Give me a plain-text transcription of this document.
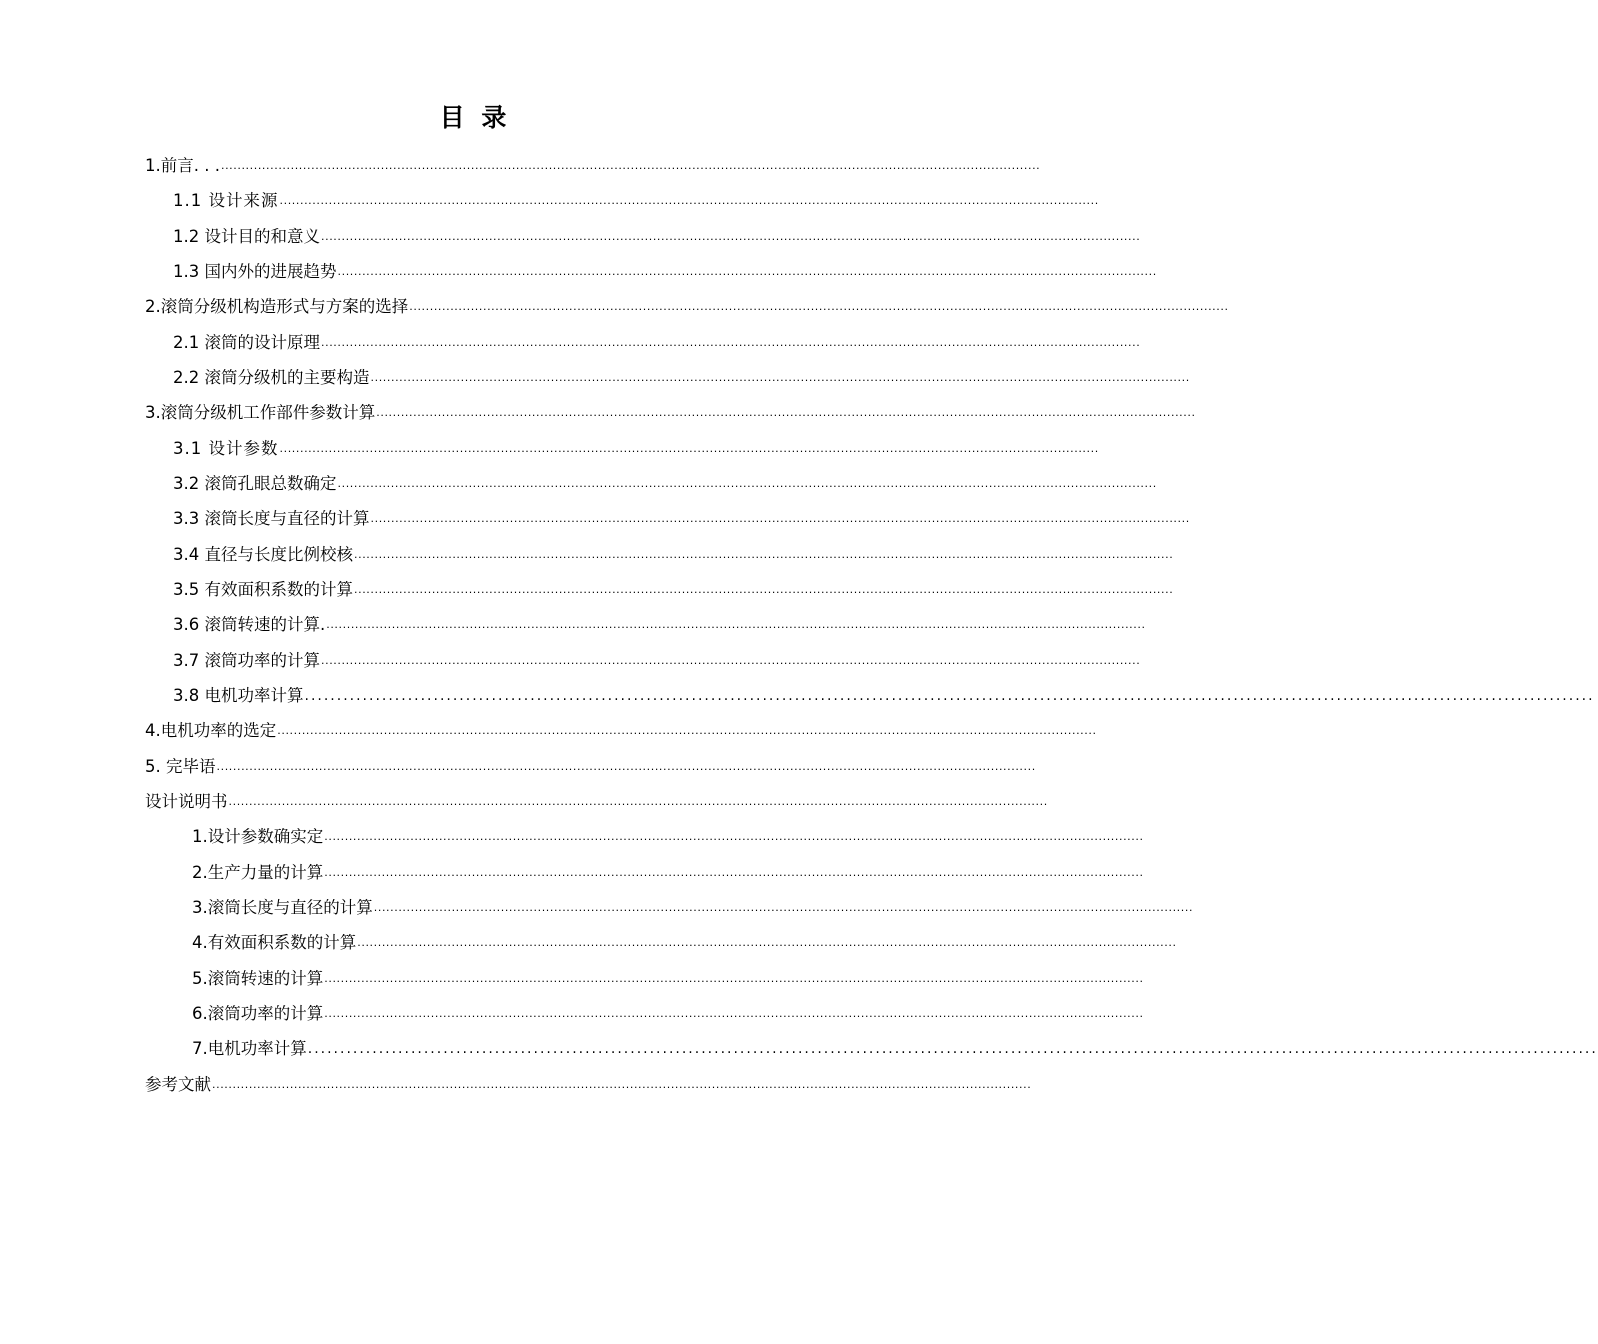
目 录
1.前言. . . ........................................................................................................................................................................................................
1.1 设计来源 ........................................................................................................................................................................................................
1.2 设计目的和意义 ........................................................................................................................................................................................................
1.3 国内外的进展趋势 ........................................................................................................................................................................................................
2.滚筒分级机构造形式与方案的选择 ........................................................................................................................................................................................................
2.1 滚筒的设计原理 ........................................................................................................................................................................................................
2.2 滚筒分级机的主要构造 ........................................................................................................................................................................................................
3.滚筒分级机工作部件参数计算 ........................................................................................................................................................................................................
3.1 设计参数 ........................................................................................................................................................................................................
3.2 滚筒孔眼总数确定 ........................................................................................................................................................................................................
3.3 滚筒长度与直径的计算 ........................................................................................................................................................................................................
3.4 直径与长度比例校核 ........................................................................................................................................................................................................
3.5 有效面积系数的计算 ........................................................................................................................................................................................................
3.6 滚筒转速的计算. ........................................................................................................................................................................................................
3.7 滚筒功率的计算 ........................................................................................................................................................................................................
3.8 电机功率计算 ........................................................................................................................................................................................................
4.电机功率的选定 ........................................................................................................................................................................................................
5. 完毕语 ........................................................................................................................................................................................................
设计说明书 ........................................................................................................................................................................................................
1.设计参数确实定 ........................................................................................................................................................................................................
2.生产力量的计算 ........................................................................................................................................................................................................
3.滚筒长度与直径的计算 ........................................................................................................................................................................................................
4.有效面积系数的计算 ........................................................................................................................................................................................................
5.滚筒转速的计算 ........................................................................................................................................................................................................
6.滚筒功率的计算 ........................................................................................................................................................................................................
7.电机功率计算 ........................................................................................................................................................................................................
参考文献 ........................................................................................................................................................................................................
